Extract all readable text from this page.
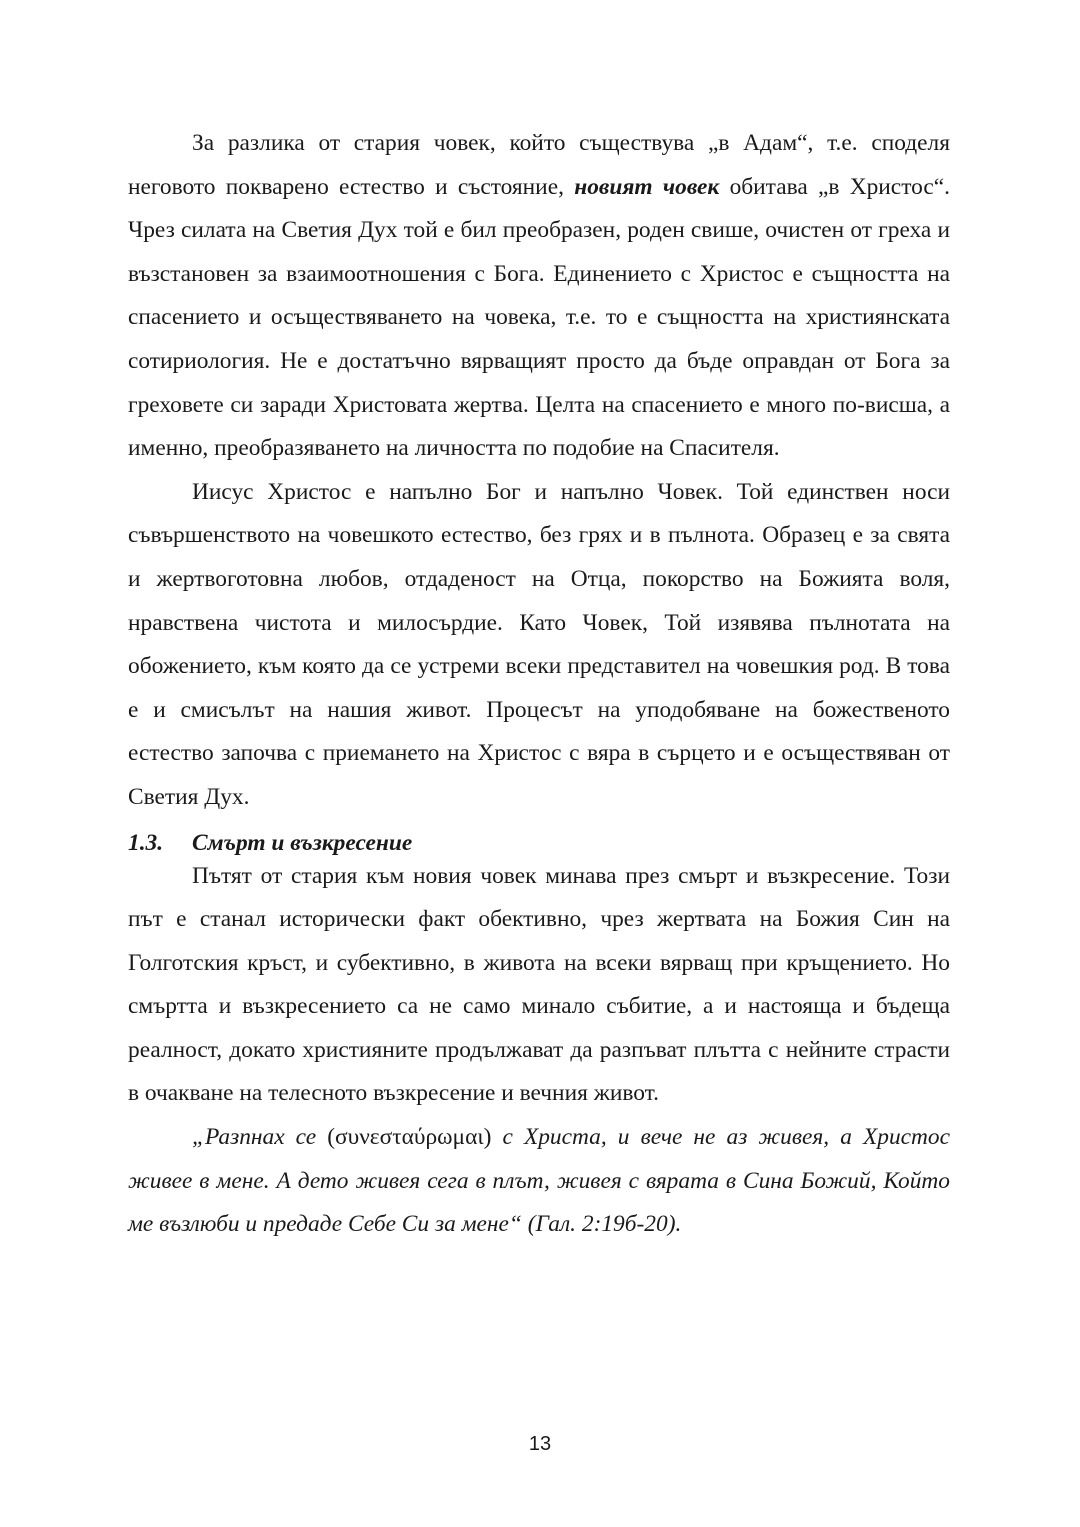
За разлика от стария човек, който съществува „в Адам“, т.е. споделя неговото покварено естество и състояние, новият човек обитава „в Христос“. Чрез силата на Светия Дух той е бил преобразен, роден свише, очистен от греха и възстановен за взаимоотношения с Бога. Единението с Христос е същността на спасението и осъществяването на човека, т.е. то е същността на християнската сотириология. Не е достатъчно вярващият просто да бъде оправдан от Бога за греховете си заради Христовата жертва. Целта на спасението е много по-висша, а именно, преобразяването на личността по подобие на Спасителя.

Иисус Христос е напълно Бог и напълно Човек. Той единствен носи съвършенството на човешкото естество, без грях и в пълнота. Образец е за свята и жертвоготовна любов, отдаденост на Отца, покорство на Божията воля, нравствена чистота и милосърдие. Като Човек, Той изявява пълнотата на обожението, към която да се устреми всеки представител на човешкия род. В това е и смисълът на нашия живот. Процесът на уподобяване на божественото естество започва с приемането на Христос с вяра в сърцето и е осъществяван от Светия Дух.

1.3.	Смърт и възкресение

Пътят от стария към новия човек минава през смърт и възкресение. Този път е станал исторически факт обективно, чрез жертвата на Божия Син на Голготския кръст, и субективно, в живота на всеки вярващ при кръщението. Но смъртта и възкресението са не само минало събитие, а и настояща и бъдеща реалност, докато християните продължават да разпъват плътта с нейните страсти в очакване на телесното възкресение и вечния живот.

„Разпнах се (συνεσταύρωμαι) с Христа, и вече не аз живея, а Христос живее в мене. А дето живея сега в плът, живея с вярата в Сина Божий, Който ме възлюби и предаде Себе Си за мене“ (Гал. 2:19б-20).

13
